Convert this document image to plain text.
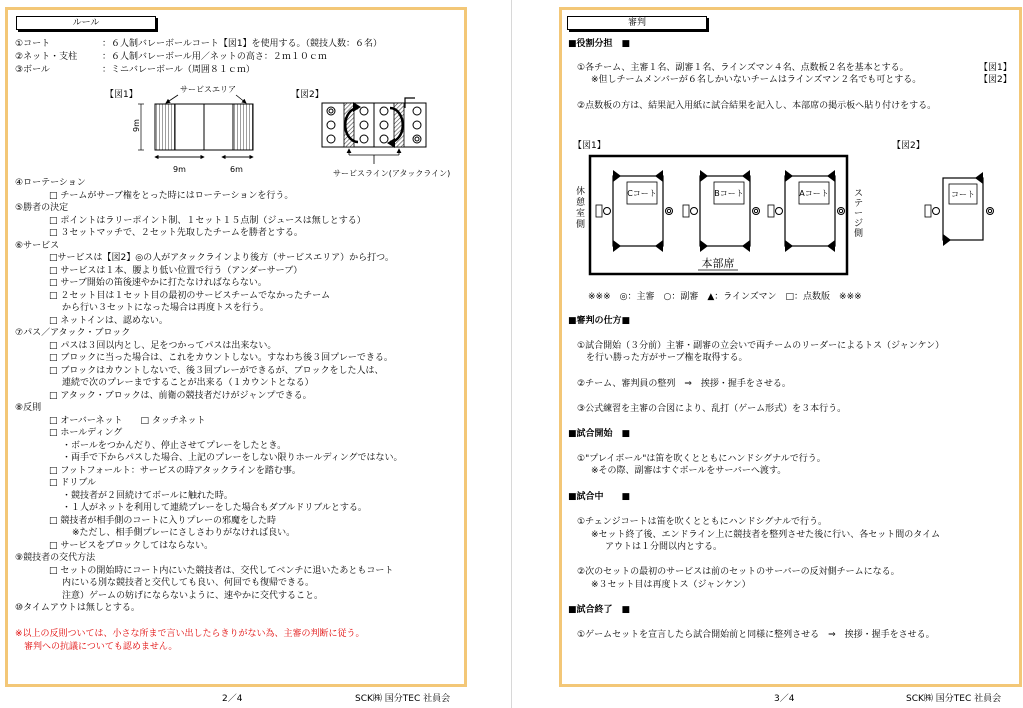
ルール
①コート	：６人制バレーボールコート【図1】を使用する。（競技人数：６名）
②ネット・支柱	：６人制バレーボール用／ネットの高さ：２ｍ１０ｃｍ
③ボール	：ミニバレーボール（周囲８１ｃｍ）
【図1】
サービスエリア
9m
9m	6m
【図2】
サービスライン(アタックライン)
④ローテーション
□ チームがサーブ権をとった時にはローテーションを行う。
⑤勝者の決定
□ ポイントはラリーポイント制、１セット１５点制（ジュースは無しとする）
□ ３セットマッチで、２セット先取したチームを勝者とする。
⑥サービス
□サービスは【図2】◎の人がアタックラインより後方（サービスエリア）から打つ。
□ サービスは１本、腰より低い位置で行う（アンダーサーブ）
□ サーブ開始の笛後速やかに打たなければならない。
□ ２セット目は１セット目の最初のサービスチームでなかったチーム
から行い３セットになった場合は再度トスを行う。
□ ネットインは、認めない。
⑦パス／アタック・ブロック
□ パスは３回以内とし、足をつかってパスは出来ない。
□ ブロックに当った場合は、これをカウントしない。すなわち後３回プレーできる。
□ ブロックはカウントしないで、後３回プレーができるが、ブロックをした人は、
連続で次のプレーまですることが出来る（１カウントとなる）
□ アタック・ブロックは、前衛の競技者だけがジャンプできる。
⑧反則
□ オーバーネット　　□ タッチネット
□ ホールディング
・ボールをつかんだり、停止させてプレーをしたとき。
・両手で下からパスした場合、上記のプレーをしない限りホールディングではない。
□ フットフォールト：サービスの時アタックラインを踏む事。
□ ドリブル
・競技者が２回続けてボールに触れた時。
・１人がネットを利用して連続プレーをした場合もダブルドリブルとする。
□ 競技者が相手側のコートに入りプレーの邪魔をした時
※ただし、相手側プレーにさしさわりがなければ良い。
□ サービスをブロックしてはならない。
⑨競技者の交代方法
□ セットの開始時にコート内にいた競技者は、交代してベンチに退いたあともコート
内にいる別な競技者と交代しても良い、何回でも復帰できる。
注意）ゲームの妨げにならないように、速やかに交代すること。
⑩タイムアウトは無しとする。
※以上の反則ついては、小さな所まで言い出したらきりがない為、主審の判断に従う。
　審判への抗議についても認めません。
2／4	SCK㈱ 国分TEC 社員会
審判
■役割分担　■
①各チーム、主審１名、副審１名、ラインズマン４名、点数板２名を基本とする。	【図1】
※但しチームメンバーが６名しかいないチームはラインズマン２名でも可とする。	【図2】
②点数板の方は、結果記入用紙に試合結果を記入し、本部席の掲示板へ貼り付けをする。
【図1】	【図2】
休
憩
室
側
ス
テ
ー
ジ
側
Cコート	Bコート	Aコート
本部席
コート
※※※　◎：主審　○：副審　▲：ラインズマン　□：点数版　※※※
■審判の仕方■
①試合開始（３分前）主審・副審の立会いで両チームのリーダーによるトス（ジャンケン）
　を行い勝った方がサーブ権を取得する。
②チーム、審判員の整列　⇒　挨拶・握手をさせる。
③公式練習を主審の合図により、乱打（ゲーム形式）を３本行う。
■試合開始　■
①"プレイボール"は笛を吹くとともにハンドシグナルで行う。
※その際、副審はすぐボールをサーバーへ渡す。
■試合中　　■
①チェンジコートは笛を吹くとともにハンドシグナルで行う。
※セット終了後、エンドライン上に競技者を整列させた後に行い、各セット間のタイム
アウトは１分間以内とする。
②次のセットの最初のサービスは前のセットのサーバーの反対側チームになる。
※３セット目は再度トス（ジャンケン）
■試合終了　■
①ゲームセットを宣言したら試合開始前と同様に整列させる　⇒　挨拶・握手をさせる。
3／4	SCK㈱ 国分TEC 社員会
